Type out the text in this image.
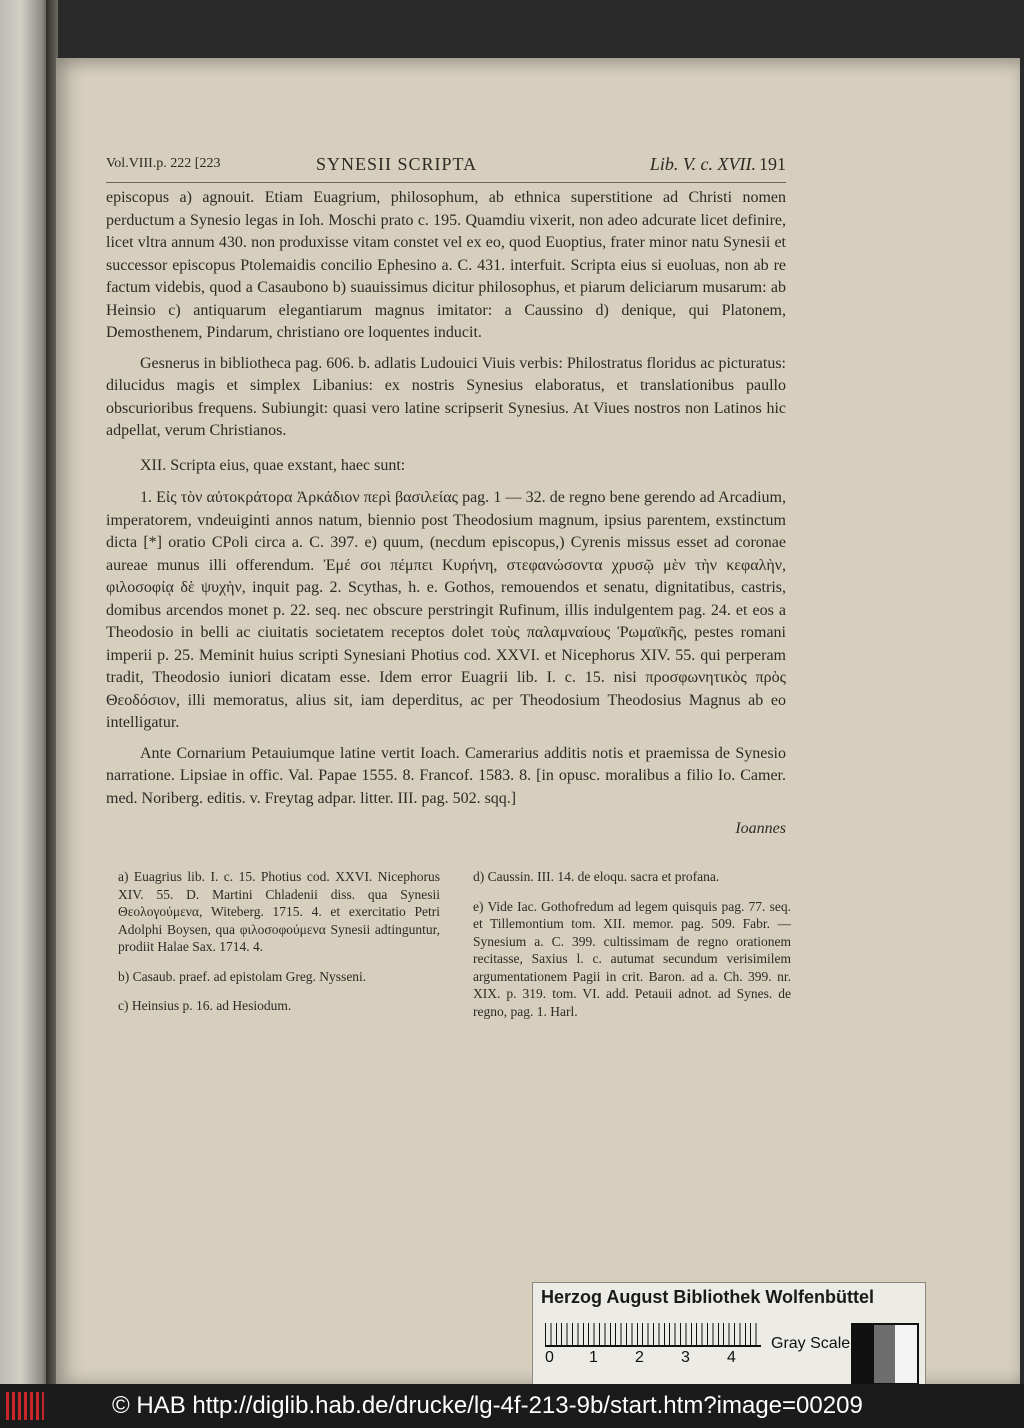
Vol.VIII.p. 222 [223	SYNESII SCRIPTA	Lib. V. c. XVII. 191

episcopus a) agnouit. Etiam Euagrium, philosophum, ab ethnica superstitione ad Christi nomen perductum a Synesio legas in Ioh. Moschi prato c. 195. Quamdiu vixerit, non adeo adcurate licet definire, licet vltra annum 430. non produxisse vitam constet vel ex eo, quod Euoptius, frater minor natu Synesii et successor episcopus Ptolemaidis concilio Ephesino a. C. 431. interfuit. Scripta eius si euoluas, non ab re factum videbis, quod a Casaubono b) suauissimus dicitur philosophus, et piarum deliciarum musarum: ab Heinsio c) antiquarum elegantiarum magnus imitator: a Caussino d) denique, qui Platonem, Demosthenem, Pindarum, christiano ore loquentes inducit.

Gesnerus in bibliotheca pag. 606. b. adlatis Ludouici Viuis verbis: Philostratus floridus ac picturatus: dilucidus magis et simplex Libanius: ex nostris Synesius elaboratus, et translationibus paullo obscurioribus frequens. Subiungit: quasi vero latine scripserit Synesius. At Viues nostros non Latinos hic adpellat, verum Christianos.

XII. Scripta eius, quae exstant, haec sunt:

1. Εἰς τὸν αὐτοκράτορα Ἀρκάδιον περὶ βασιλείας pag. 1 — 32. de regno bene gerendo ad Arcadium, imperatorem, vndeuiginti annos natum, biennio post Theodosium magnum, ipsius parentem, exstinctum dicta [*] oratio CPoli circa a. C. 397. e) quum, (necdum episcopus,) Cyrenis missus esset ad coronae aureae munus illi offerendum. Ἐμέ σοι πέμπει Κυρήνη, στεφανώσοντα χρυσῷ μὲν τὴν κεφαλὴν, φιλοσοφίᾳ δὲ ψυχὴν, inquit pag. 2. Scythas, h. e. Gothos, remouendos et senatu, dignitatibus, castris, domibus arcendos monet p. 22. seq. nec obscure perstringit Rufinum, illis indulgentem pag. 24. et eos a Theodosio in belli ac ciuitatis societatem receptos dolet τοὺς παλαμναίους Ῥωμαϊκῆς, pestes romani imperii p. 25. Meminit huius scripti Synesiani Photius cod. XXVI. et Nicephorus XIV. 55. qui perperam tradit, Theodosio iuniori dicatam esse. Idem error Euagrii lib. I. c. 15. nisi προσφωνητικὸς πρὸς Θεοδόσιον, illi memoratus, alius sit, iam deperditus, ac per Theodosium Theodosius Magnus ab eo intelligatur.

Ante Cornarium Petauiumque latine vertit Ioach. Camerarius additis notis et praemissa de Synesio narratione. Lipsiae in offic. Val. Papae 1555. 8. Francof. 1583. 8. [in opusc. moralibus a filio Io. Camer. med. Noriberg. editis. v. Freytag adpar. litter. III. pag. 502. sqq.]

Ioannes

a) Euagrius lib. I. c. 15. Photius cod. XXVI. Nicephorus XIV. 55. D. Martini Chladenii diss. qua Synesii Θεολογούμενα, Witeberg. 1715. 4. et exercitatio Petri Adolphi Boysen, qua φιλοσοφούμενα Synesii adtinguntur, prodiit Halae Sax. 1714. 4.

b) Casaub. praef. ad epistolam Greg. Nysseni.

c) Heinsius p. 16. ad Hesiodum.

d) Caussin. III. 14. de eloqu. sacra et profana.

e) Vide Iac. Gothofredum ad legem quisquis pag. 77. seq. et Tillemontium tom. XII. memor. pag. 509. Fabr. — Synesium a. C. 399. cultissimam de regno orationem recitasse, Saxius l. c. autumat secundum verisimilem argumentationem Pagii in crit. Baron. ad a. Ch. 399. nr. XIX. p. 319. tom. VI. add. Petauii adnot. ad Synes. de regno, pag. 1. Harl.

Herzog August Bibliothek Wolfenbüttel
0 1 2 3 4
Gray Scale
© HAB http://diglib.hab.de/drucke/lg-4f-213-9b/start.htm?image=00209
